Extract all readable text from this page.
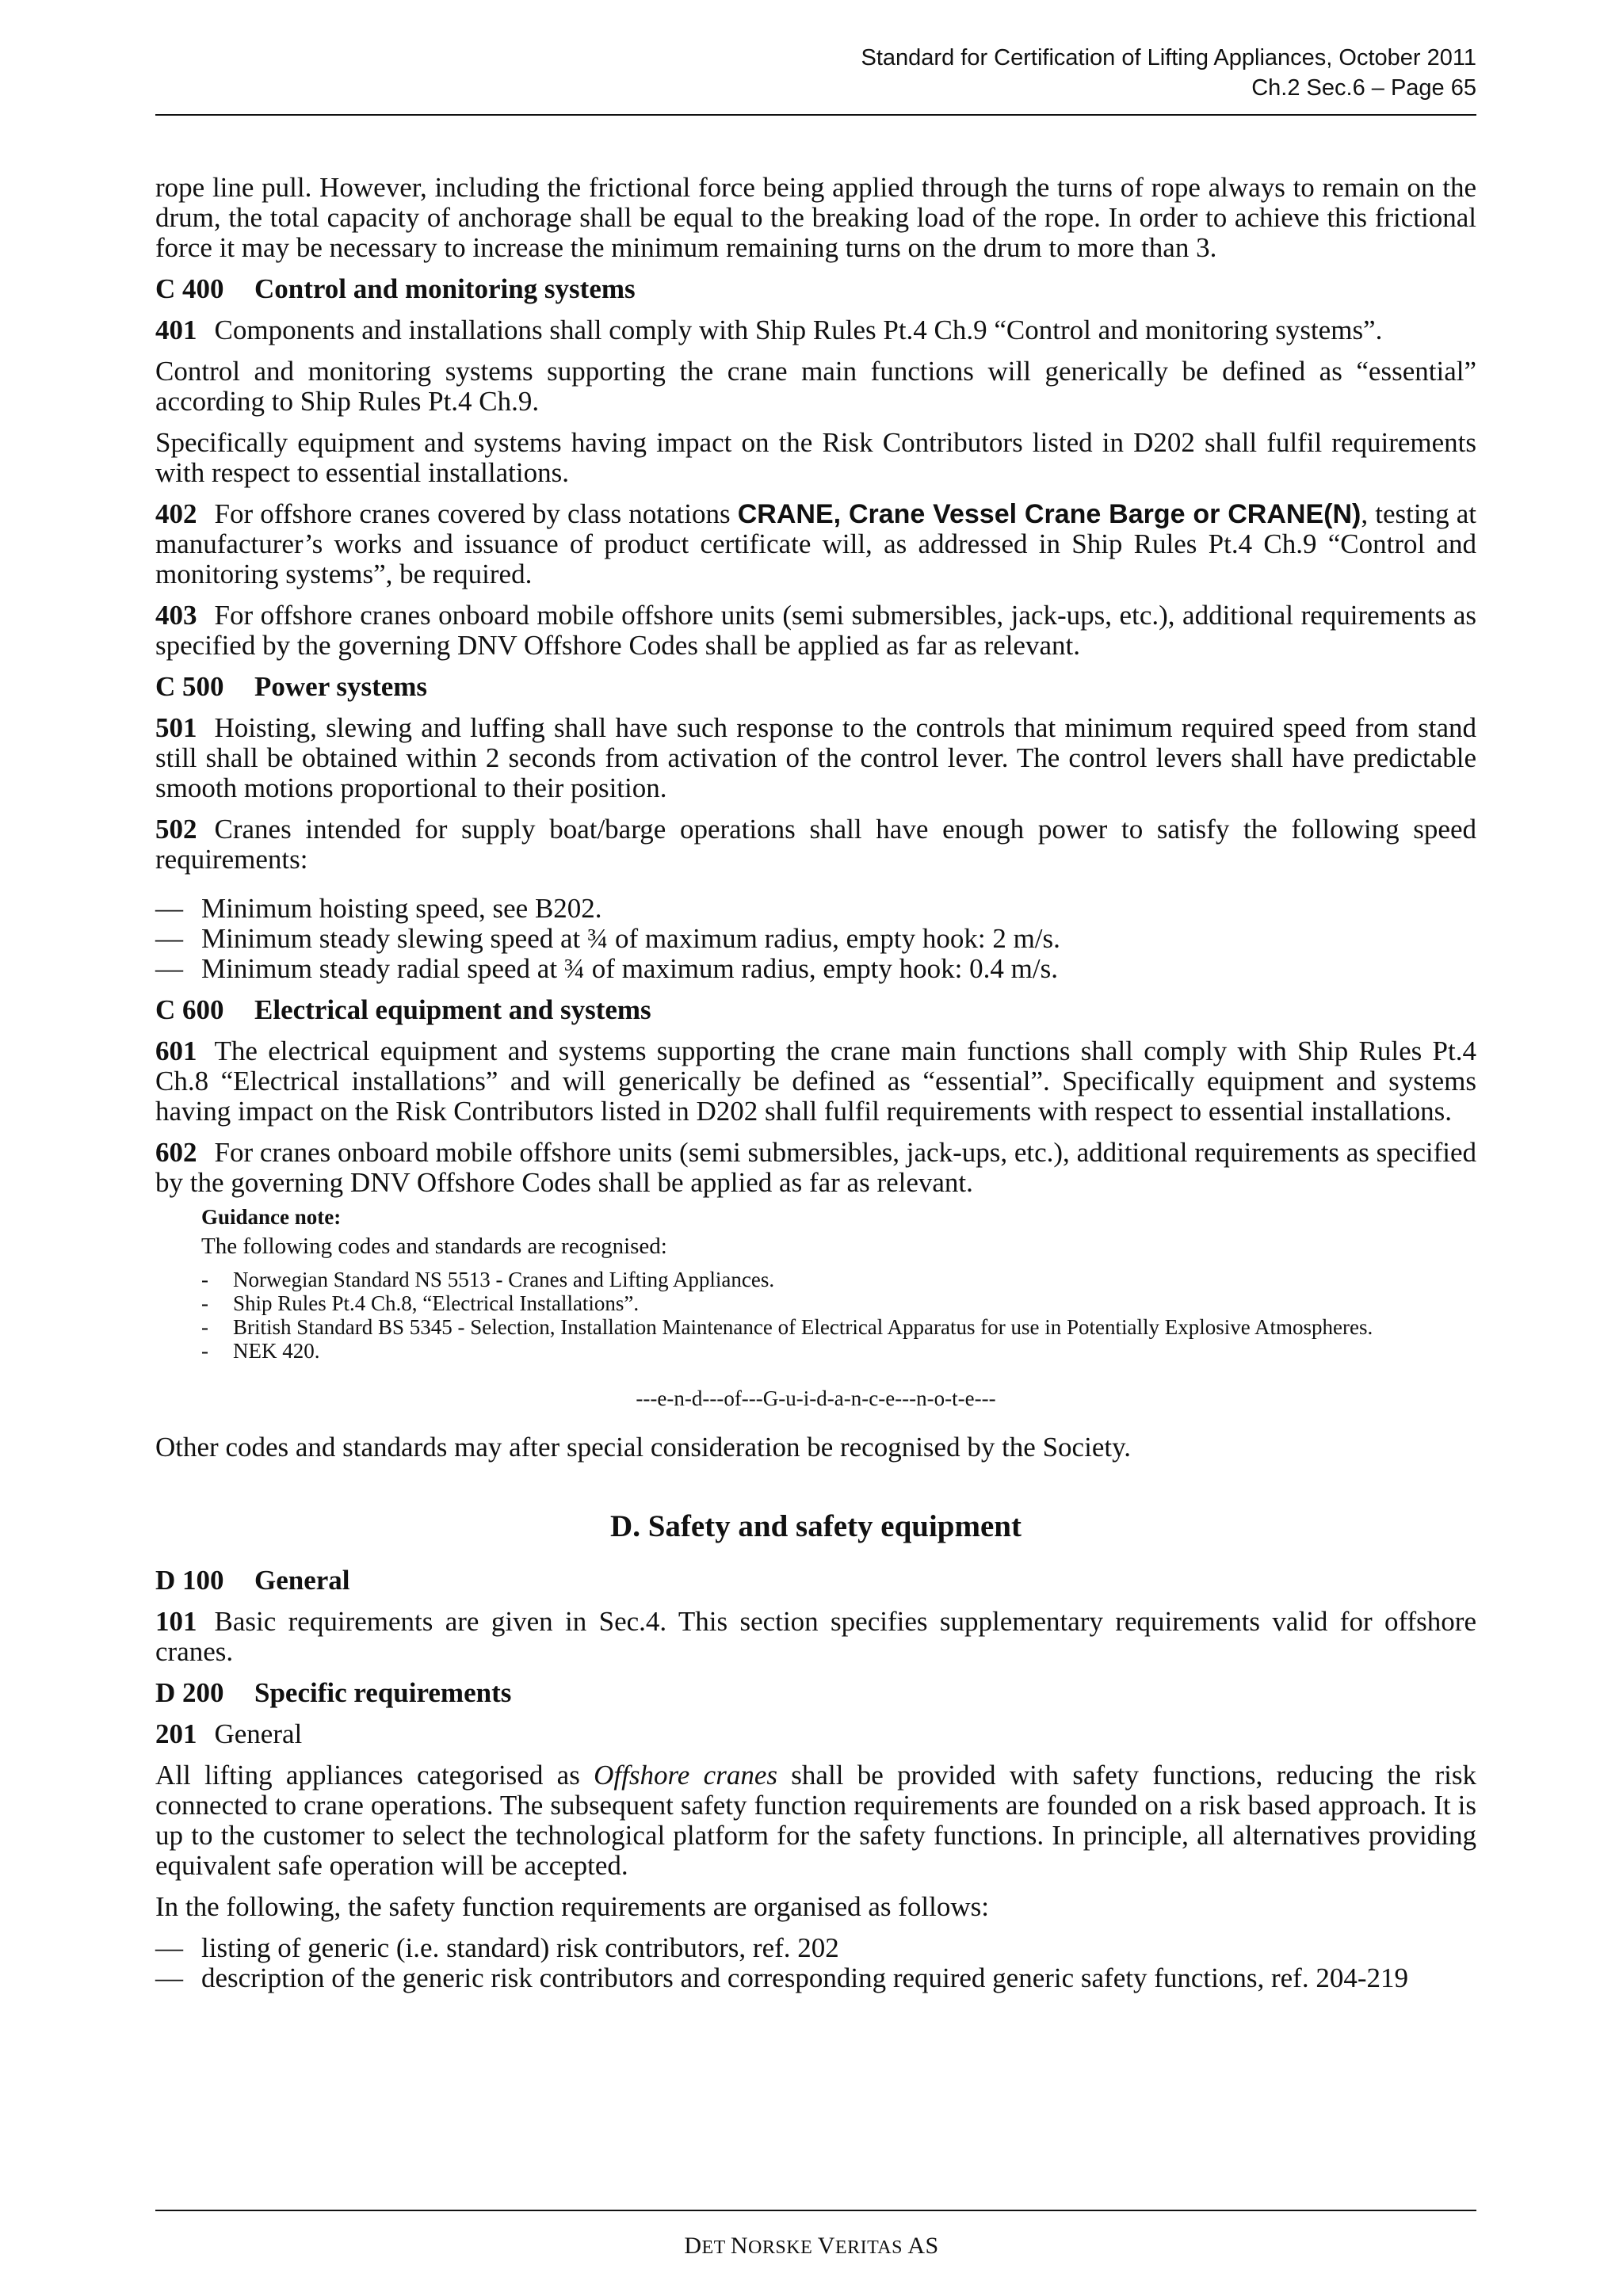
Standard for Certification of Lifting Appliances, October 2011
Ch.2 Sec.6 – Page 65

rope line pull. However, including the frictional force being applied through the turns of rope always to remain on the drum, the total capacity of anchorage shall be equal to the breaking load of the rope. In order to achieve this frictional force it may be necessary to increase the minimum remaining turns on the drum to more than 3.

C 400 Control and monitoring systems

401 Components and installations shall comply with Ship Rules Pt.4 Ch.9 “Control and monitoring systems”.

Control and monitoring systems supporting the crane main functions will generically be defined as “essential” according to Ship Rules Pt.4 Ch.9.

Specifically equipment and systems having impact on the Risk Contributors listed in D202 shall fulfil requirements with respect to essential installations.

402 For offshore cranes covered by class notations CRANE, Crane Vessel Crane Barge or CRANE(N), testing at manufacturer’s works and issuance of product certificate will, as addressed in Ship Rules Pt.4 Ch.9 “Control and monitoring systems”, be required.

403 For offshore cranes onboard mobile offshore units (semi submersibles, jack-ups, etc.), additional requirements as specified by the governing DNV Offshore Codes shall be applied as far as relevant.

C 500 Power systems

501 Hoisting, slewing and luffing shall have such response to the controls that minimum required speed from stand still shall be obtained within 2 seconds from activation of the control lever. The control levers shall have predictable smooth motions proportional to their position.

502 Cranes intended for supply boat/barge operations shall have enough power to satisfy the following speed requirements:

— Minimum hoisting speed, see B202.
— Minimum steady slewing speed at ¾ of maximum radius, empty hook: 2 m/s.
— Minimum steady radial speed at ¾ of maximum radius, empty hook: 0.4 m/s.
C 600 Electrical equipment and systems

601 The electrical equipment and systems supporting the crane main functions shall comply with Ship Rules Pt.4 Ch.8 “Electrical installations” and will generically be defined as “essential”. Specifically equipment and systems having impact on the Risk Contributors listed in D202 shall fulfil requirements with respect to essential installations.

602 For cranes onboard mobile offshore units (semi submersibles, jack-ups, etc.), additional requirements as specified by the governing DNV Offshore Codes shall be applied as far as relevant.

Guidance note:
The following codes and standards are recognised:
- Norwegian Standard NS 5513 - Cranes and Lifting Appliances.
- Ship Rules Pt.4 Ch.8, “Electrical Installations”.
- British Standard BS 5345 - Selection, Installation Maintenance of Electrical Apparatus for use in Potentially Explosive Atmospheres.
- NEK 420.
---e-n-d---of---G-u-i-d-a-n-c-e---n-o-t-e---

Other codes and standards may after special consideration be recognised by the Society.

D. Safety and safety equipment
D 100 General

101 Basic requirements are given in Sec.4. This section specifies supplementary requirements valid for offshore cranes.

D 200 Specific requirements

201 General

All lifting appliances categorised as Offshore cranes shall be provided with safety functions, reducing the risk connected to crane operations. The subsequent safety function requirements are founded on a risk based approach. It is up to the customer to select the technological platform for the safety functions. In principle, all alternatives providing equivalent safe operation will be accepted.

In the following, the safety function requirements are organised as follows:

— listing of generic (i.e. standard) risk contributors, ref. 202
— description of the generic risk contributors and corresponding required generic safety functions, ref. 204-219
DET NORSKE VERITAS AS
